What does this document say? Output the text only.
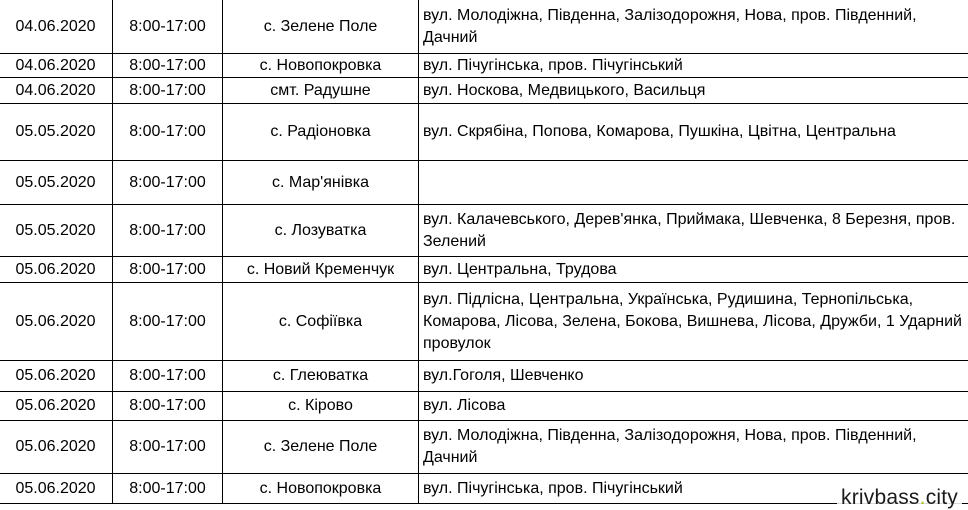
04.06.2020	8:00-17:00	с. Зелене Поле	вул. Молодіжна, Південна, Залізодорожня, Нова, пров. Південний, Дачний
04.06.2020	8:00-17:00	с. Новопокровка	вул. Пічугінська, пров. Пічугінський
04.06.2020	8:00-17:00	смт. Радушне	вул. Носкова, Медвицького, Васильця
05.05.2020	8:00-17:00	с. Радіоновка	вул. Скрябіна, Попова, Комарова, Пушкіна, Цвітна, Центральна
05.05.2020	8:00-17:00	с. Мар'янівка	
05.05.2020	8:00-17:00	с. Лозуватка	вул. Калачевського, Дерев'янка, Приймака, Шевченка, 8 Березня, пров. Зелений
05.06.2020	8:00-17:00	с. Новий Кременчук	вул. Центральна, Трудова
05.06.2020	8:00-17:00	с. Софіївка	вул. Підлісна, Центральна, Українська, Рудишина, Тернопільська, Комарова, Лісова, Зелена, Бокова, Вишнева, Лісова, Дружби, 1 Ударний провулок
05.06.2020	8:00-17:00	с. Глеюватка	вул.Гоголя, Шевченко
05.06.2020	8:00-17:00	с. Кірово	вул. Лісова
05.06.2020	8:00-17:00	с. Зелене Поле	вул. Молодіжна, Південна, Залізодорожня, Нова, пров. Південний, Дачний
05.06.2020	8:00-17:00	с. Новопокровка	вул. Пічугінська, пров. Пічугінський	krivbass.city
